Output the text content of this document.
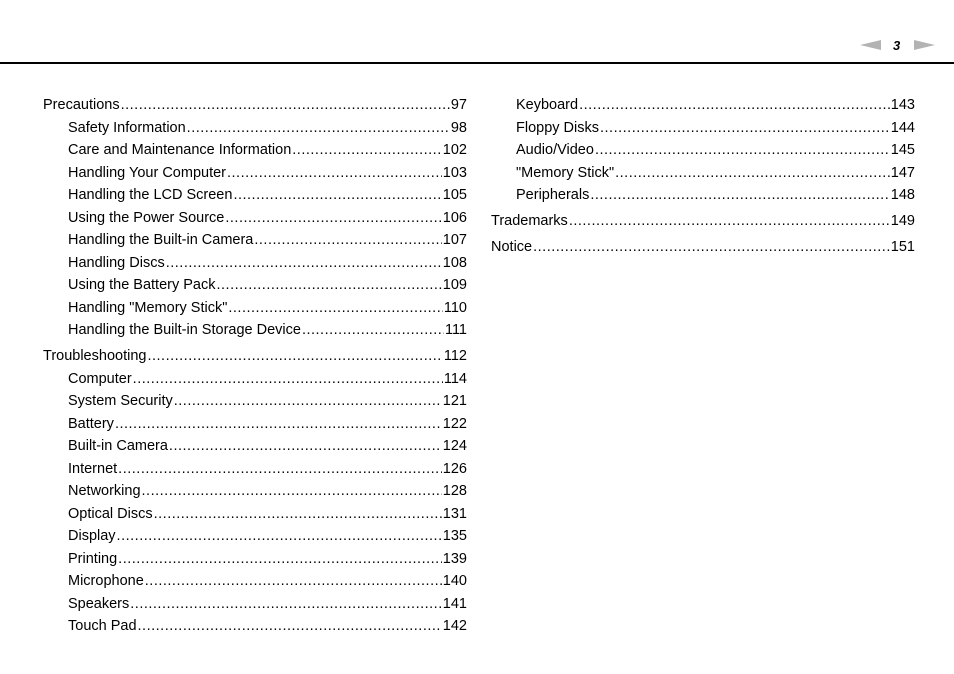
3
Precautions .....	97
Safety Information .....	98
Care and Maintenance Information .....	102
Handling Your Computer .....	103
Handling the LCD Screen .....	105
Using the Power Source .....	106
Handling the Built-in Camera .....	107
Handling Discs .....	108
Using the Battery Pack .....	109
Handling "Memory Stick" .....	110
Handling the Built-in Storage Device .....	111
Troubleshooting .....	112
Computer .....	114
System Security .....	121
Battery .....	122
Built-in Camera .....	124
Internet .....	126
Networking .....	128
Optical Discs .....	131
Display .....	135
Printing .....	139
Microphone .....	140
Speakers .....	141
Touch Pad .....	142
Keyboard .....	143
Floppy Disks .....	144
Audio/Video .....	145
"Memory Stick" .....	147
Peripherals .....	148
Trademarks .....	149
Notice .....	151
